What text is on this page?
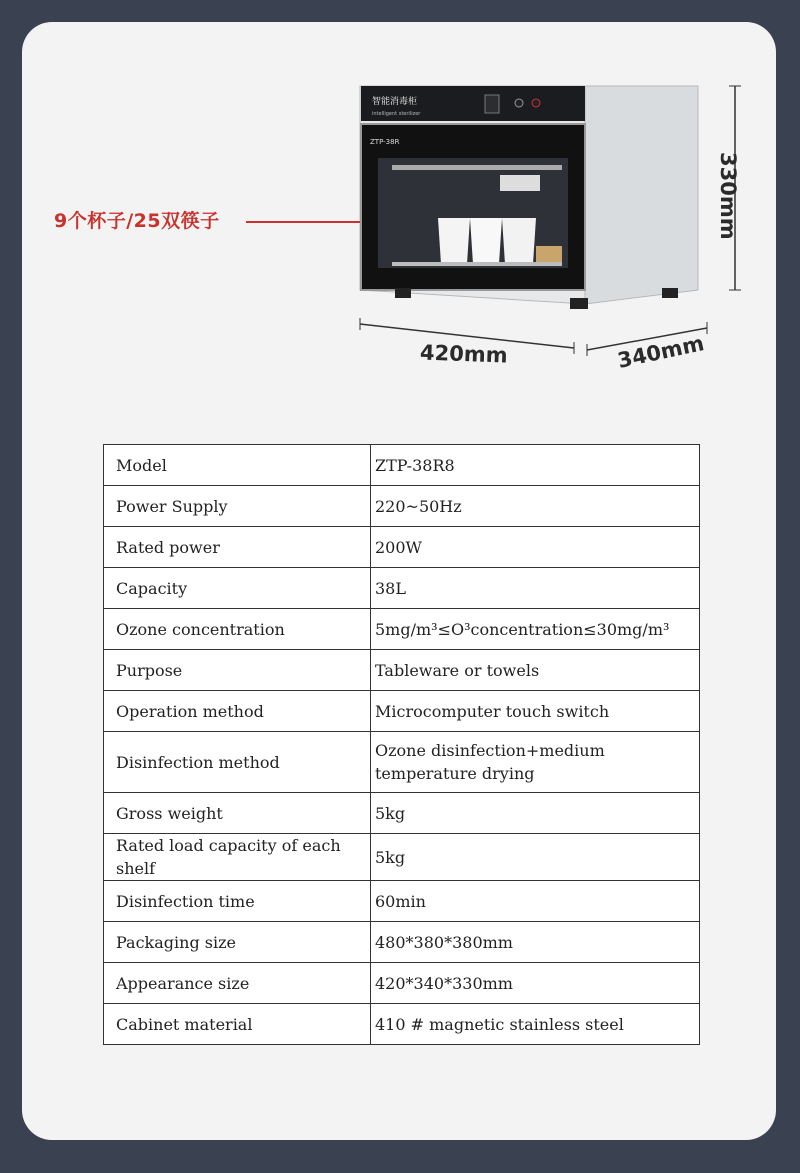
智能消毒柜
intelligent sterilizer
ZTP-38R
9个杯子/25双筷子
420mm	340mm
330mm
Model	ZTP-38R8
Power Supply	220~50Hz
Rated power	200W
Capacity	38L
Ozone concentration	5mg/m³≤O³concentration≤30mg/m³
Purpose	Tableware or towels
Operation method	Microcomputer touch switch
Disinfection method	Ozone disinfection+medium temperature drying
Gross weight	5kg
Rated load capacity of each shelf	5kg
Disinfection time	60min
Packaging size	480*380*380mm
Appearance size	420*340*330mm
Cabinet material	410 # magnetic stainless steel
